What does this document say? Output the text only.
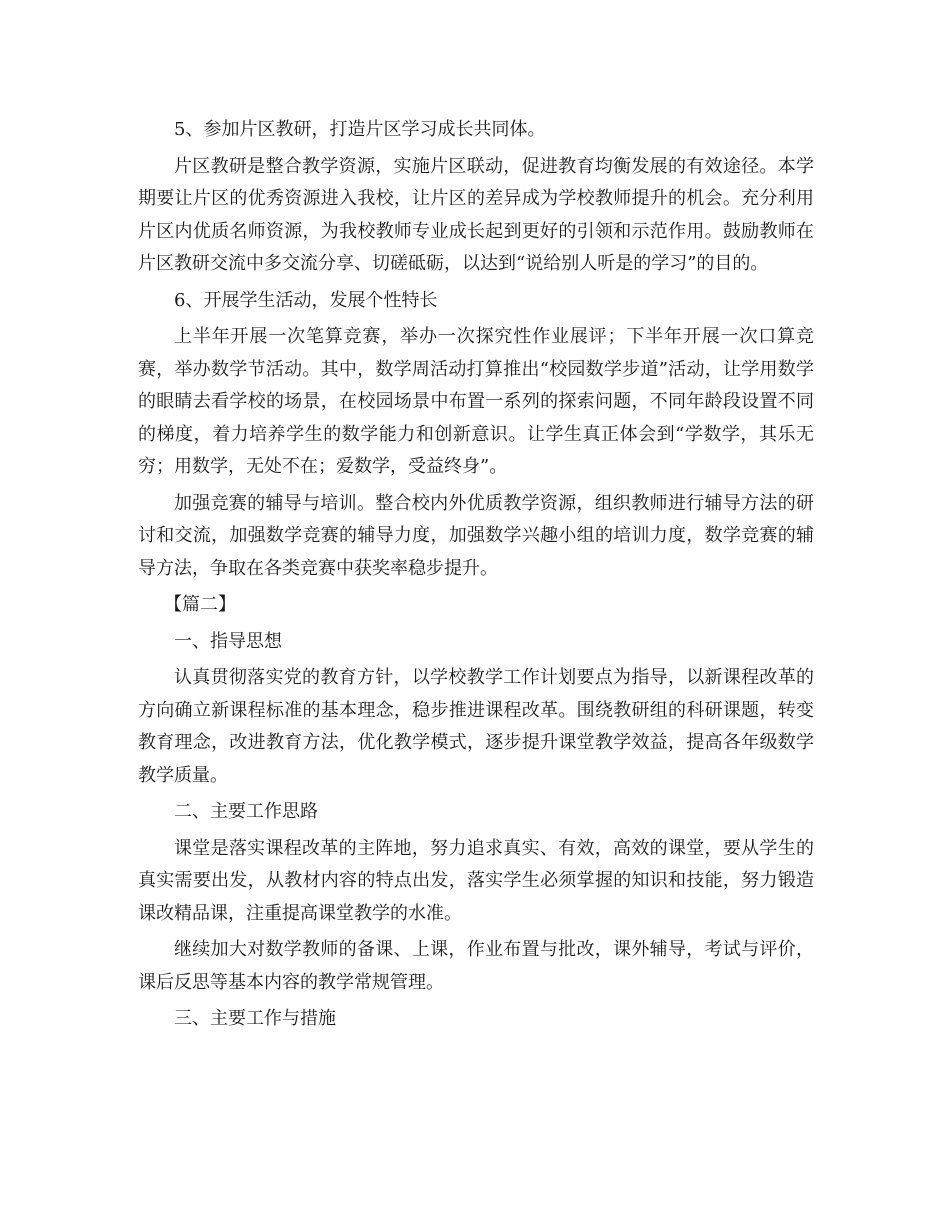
5、参加片区教研，打造片区学习成长共同体。

片区教研是整合教学资源，实施片区联动，促进教育均衡发展的有效途径。本学期要让片区的优秀资源进入我校，让片区的差异成为学校教师提升的机会。充分利用片区内优质名师资源，为我校教师专业成长起到更好的引领和示范作用。鼓励教师在片区教研交流中多交流分享、切磋砥砺，以达到“说给别人听是的学习”的目的。

6、开展学生活动，发展个性特长

上半年开展一次笔算竞赛，举办一次探究性作业展评；下半年开展一次口算竞赛，举办数学节活动。其中，数学周活动打算推出“校园数学步道”活动，让学用数学的眼睛去看学校的场景，在校园场景中布置一系列的探索问题，不同年龄段设置不同的梯度，着力培养学生的数学能力和创新意识。让学生真正体会到“学数学，其乐无穷；用数学，无处不在；爱数学，受益终身”。

加强竞赛的辅导与培训。整合校内外优质教学资源，组织教师进行辅导方法的研讨和交流，加强数学竞赛的辅导力度，加强数学兴趣小组的培训力度，数学竞赛的辅导方法，争取在各类竞赛中获奖率稳步提升。

【篇二】

一、指导思想

认真贯彻落实党的教育方针，以学校教学工作计划要点为指导，以新课程改革的方向确立新课程标准的基本理念，稳步推进课程改革。围绕教研组的科研课题，转变教育理念，改进教育方法，优化教学模式，逐步提升课堂教学效益，提高各年级数学教学质量。

二、主要工作思路

课堂是落实课程改革的主阵地，努力追求真实、有效，高效的课堂，要从学生的真实需要出发，从教材内容的特点出发，落实学生必须掌握的知识和技能，努力锻造课改精品课，注重提高课堂教学的水准。

继续加大对数学教师的备课、上课，作业布置与批改，课外辅导，考试与评价，课后反思等基本内容的教学常规管理。

三、主要工作与措施
